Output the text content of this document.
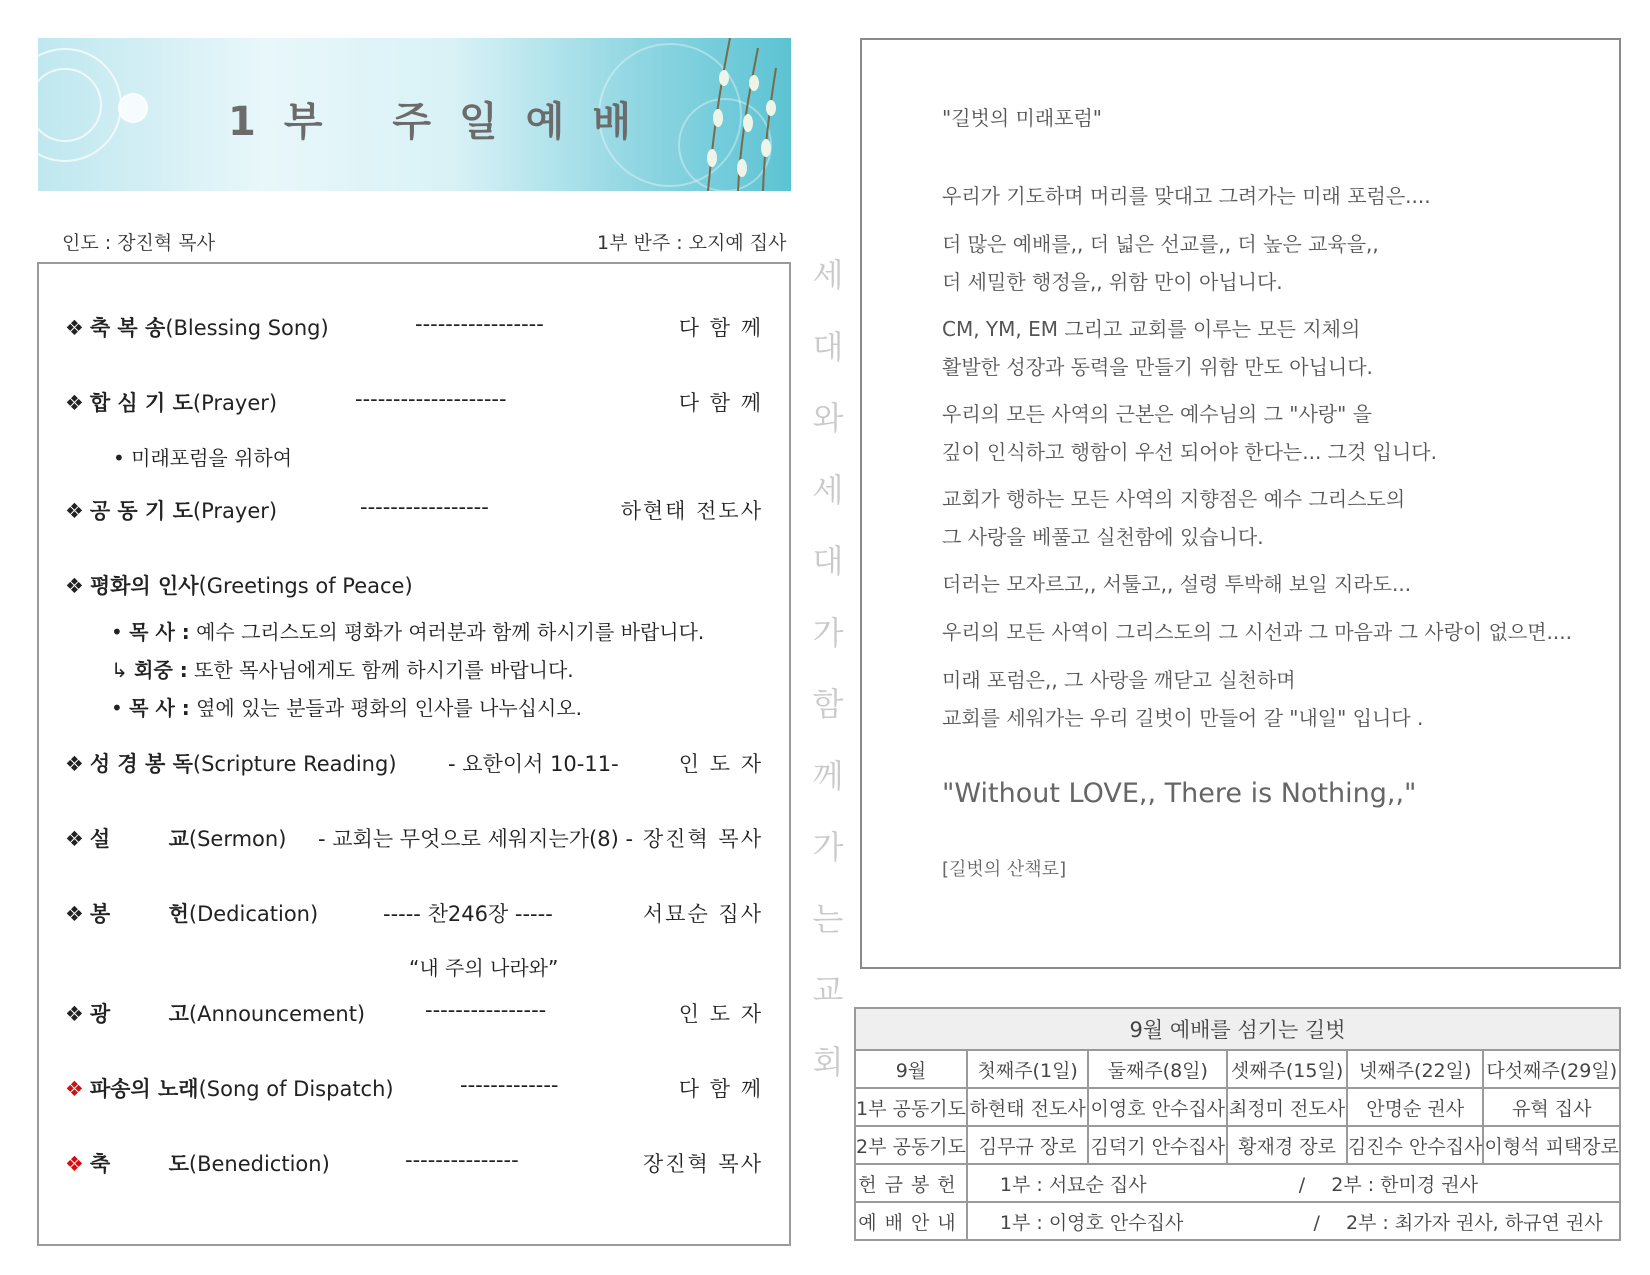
1부 주일예배
인도 : 장진혁 목사	1부 반주 : 오지예 집사
❖ 축 복 송(Blessing Song)	-----------------	다 함 께
❖ 합 심 기 도(Prayer)	--------------------	다 함 께
• 미래포럼을 위하여
❖ 공 동 기 도(Prayer)	-----------------	하현태 전도사
❖ 평화의 인사(Greetings of Peace)
• 목 사 : 예수 그리스도의 평화가 여러분과 함께 하시기를 바랍니다.
↳ 회중 : 또한 목사님에게도 함께 하시기를 바랍니다.
• 목 사 : 옆에 있는 분들과 평화의 인사를 나누십시오.
❖ 성 경 봉 독(Scripture Reading) - 요한이서 10-11-	인 도 자
❖ 설        교(Sermon) - 교회는 무엇으로 세워지는가(8) - 장진혁 목사
❖ 봉        헌(Dedication)	----- 찬246장 -----	서묘순 집사
“내 주의 나라와”
❖ 광        고(Announcement)	----------------	인 도 자
❖ 파송의 노래(Song of Dispatch)	-------------	다 함 께
❖ 축        도(Benediction)	---------------	장진혁 목사
세
대
와
세
대
가
함
께
가
는
교
회
"길벗의 미래포럼"
우리가 기도하며 머리를 맞대고 그려가는 미래 포럼은....
더 많은 예배를,, 더 넓은 선교를,, 더 높은 교육을,,
더 세밀한 행정을,, 위함 만이 아닙니다.
CM, YM, EM 그리고 교회를 이루는 모든 지체의
활발한 성장과 동력을 만들기 위함 만도 아닙니다.
우리의 모든 사역의 근본은 예수님의 그 "사랑" 을
깊이 인식하고 행함이 우선 되어야 한다는... 그것 입니다.
교회가 행하는 모든 사역의 지향점은 예수 그리스도의
그 사랑을 베풀고 실천함에 있습니다.
더러는 모자르고,, 서툴고,, 설령 투박해 보일 지라도...
우리의 모든 사역이 그리스도의 그 시선과 그 마음과 그 사랑이 없으면....
미래 포럼은,, 그 사랑을 깨닫고 실천하며
교회를 세워가는 우리 길벗이 만들어 갈 "내일" 입니다 .
"Without LOVE,, There is Nothing,,"
[길벗의 산책로]
9월 예배를 섬기는 길벗					
9월	첫째주(1일)	둘째주(8일)	셋째주(15일)	넷째주(22일)	다섯째주(29일)
1부 공동기도	하현태 전도사	이영호 안수집사	최정미 전도사	안명순 권사	유혁 집사
2부 공동기도	김무규 장로	김덕기 안수집사	황재경 장로	김진수 안수집사	이형석 피택장로
헌금봉헌	1부 : 서묘순 집사 / 2부 : 한미경 권사				
예배안내	1부 : 이영호 안수집사 / 2부 : 최가자 권사, 하규연 권사				
